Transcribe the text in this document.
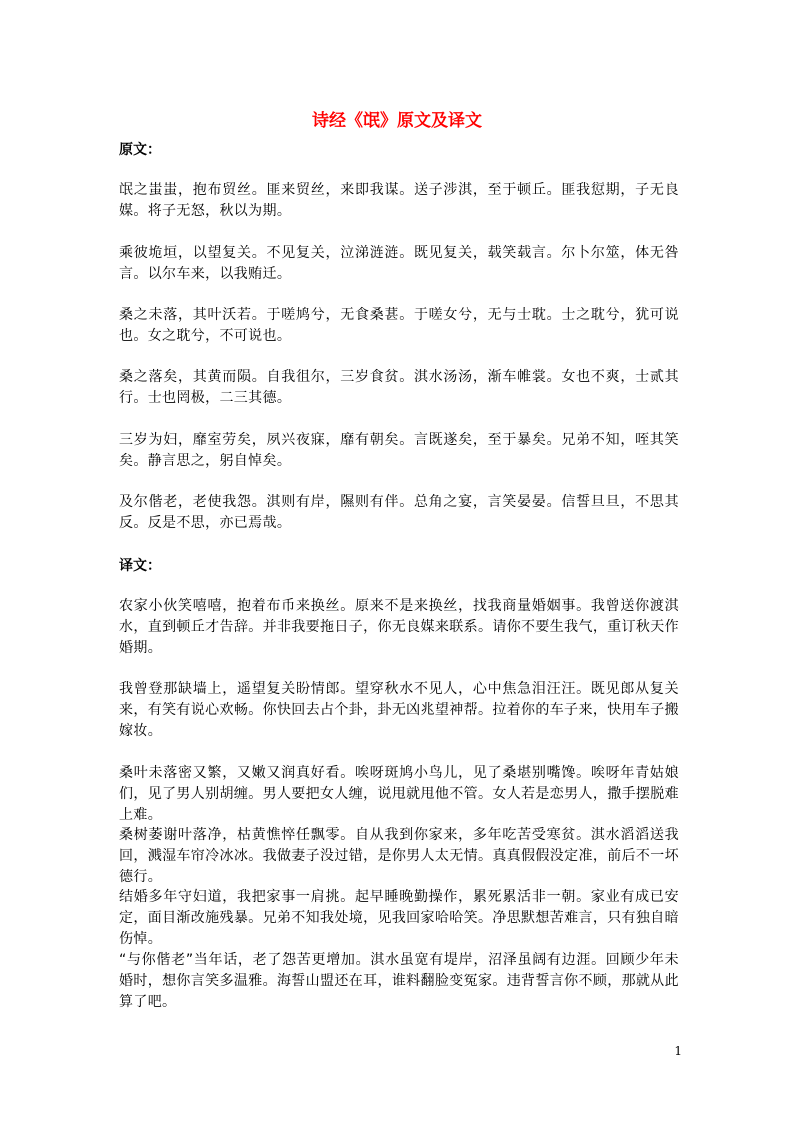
诗经《氓》原文及译文
原文：
氓之蚩蚩，抱布贸丝。匪来贸丝，来即我谋。送子涉淇，至于顿丘。匪我愆期，子无良媒。将子无怒，秋以为期。
乘彼垝垣，以望复关。不见复关，泣涕涟涟。既见复关，载笑载言。尔卜尔筮，体无咎言。以尔车来，以我贿迁。
桑之未落，其叶沃若。于嗟鸠兮，无食桑葚。于嗟女兮，无与士耽。士之耽兮，犹可说也。女之耽兮，不可说也。
桑之落矣，其黄而陨。自我徂尔，三岁食贫。淇水汤汤，渐车帷裳。女也不爽，士贰其行。士也罔极，二三其德。
三岁为妇，靡室劳矣，夙兴夜寐，靡有朝矣。言既遂矣，至于暴矣。兄弟不知，咥其笑矣。静言思之，躬自悼矣。
及尔偕老，老使我怨。淇则有岸，隰则有伴。总角之宴，言笑晏晏。信誓旦旦，不思其反。反是不思，亦已焉哉。
译文：
农家小伙笑嘻嘻，抱着布币来换丝。原来不是来换丝，找我商量婚姻事。我曾送你渡淇水，直到顿丘才告辞。并非我要拖日子，你无良媒来联系。请你不要生我气，重订秋天作婚期。
我曾登那缺墙上，遥望复关盼情郎。望穿秋水不见人，心中焦急泪汪汪。既见郎从复关来，有笑有说心欢畅。你快回去占个卦，卦无凶兆望神帮。拉着你的车子来，快用车子搬嫁妆。
桑叶未落密又繁，又嫩又润真好看。唉呀斑鸠小鸟儿，见了桑堪别嘴馋。唉呀年青姑娘们，见了男人别胡缠。男人要把女人缠，说甩就甩他不管。女人若是恋男人，撒手摆脱难上难。
桑树萎谢叶落净，枯黄憔悴任飘零。自从我到你家来，多年吃苦受寒贫。淇水滔滔送我回，溅湿车帘冷冰冰。我做妻子没过错，是你男人太无情。真真假假没定准，前后不一坏德行。
结婚多年守妇道，我把家事一肩挑。起早睡晚勤操作，累死累活非一朝。家业有成已安定，面目渐改施残暴。兄弟不知我处境，见我回家哈哈笑。净思默想苦难言，只有独自暗伤悼。
“与你偕老”当年话，老了怨苦更增加。淇水虽宽有堤岸，沼泽虽阔有边涯。回顾少年未婚时，想你言笑多温雅。海誓山盟还在耳，谁料翻脸变冤家。违背誓言你不顾，那就从此算了吧。
1
